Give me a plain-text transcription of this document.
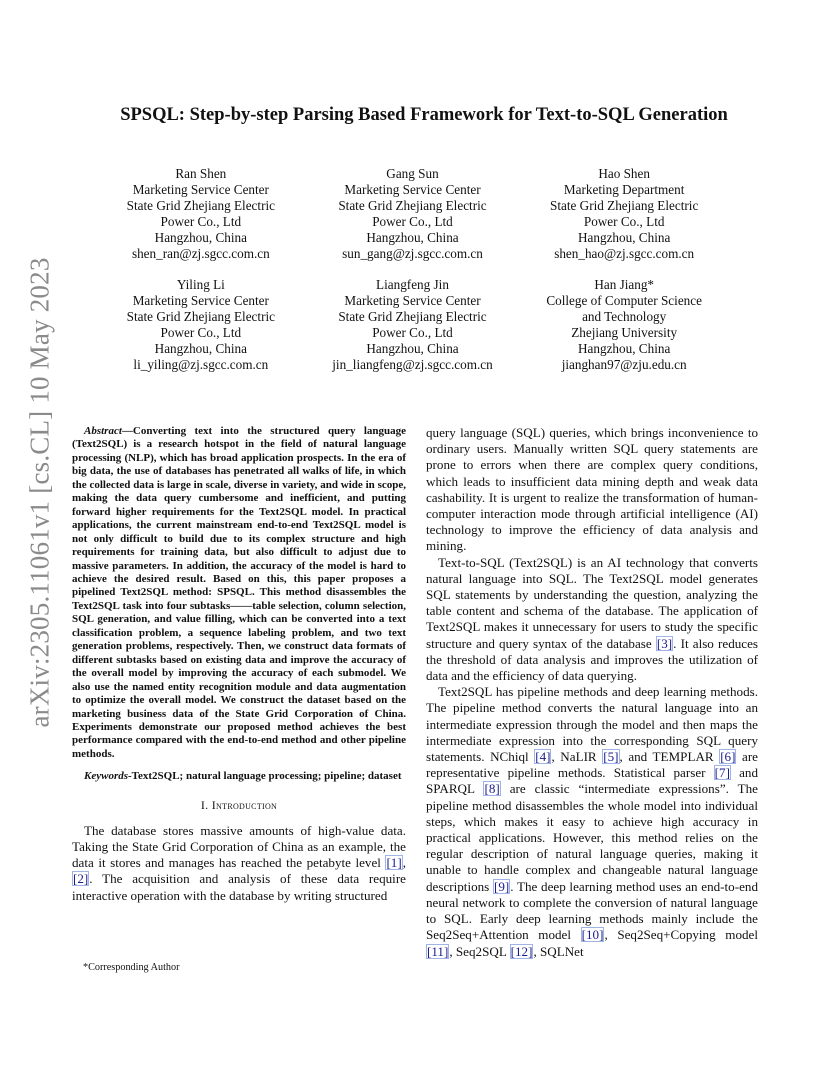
arXiv:2305.11061v1 [cs.CL] 10 May 2023
SPSQL: Step-by-step Parsing Based Framework for Text-to-SQL Generation
Ran Shen
Marketing Service Center
State Grid Zhejiang Electric
Power Co., Ltd
Hangzhou, China
shen_ran@zj.sgcc.com.cn
Gang Sun
Marketing Service Center
State Grid Zhejiang Electric
Power Co., Ltd
Hangzhou, China
sun_gang@zj.sgcc.com.cn
Hao Shen
Marketing Department
State Grid Zhejiang Electric
Power Co., Ltd
Hangzhou, China
shen_hao@zj.sgcc.com.cn
Yiling Li
Marketing Service Center
State Grid Zhejiang Electric
Power Co., Ltd
Hangzhou, China
li_yiling@zj.sgcc.com.cn
Liangfeng Jin
Marketing Service Center
State Grid Zhejiang Electric
Power Co., Ltd
Hangzhou, China
jin_liangfeng@zj.sgcc.com.cn
Han Jiang*
College of Computer Science
and Technology
Zhejiang University
Hangzhou, China
jianghan97@zju.edu.cn

Abstract—Converting text into the structured query language (Text2SQL) is a research hotspot in the field of natural language processing (NLP), which has broad application prospects. In the era of big data, the use of databases has penetrated all walks of life, in which the collected data is large in scale, diverse in variety, and wide in scope, making the data query cumbersome and inefficient, and putting forward higher requirements for the Text2SQL model. In practical applications, the current mainstream end-to-end Text2SQL model is not only difficult to build due to its complex structure and high requirements for training data, but also difficult to adjust due to massive parameters. In addition, the accuracy of the model is hard to achieve the desired result. Based on this, this paper proposes a pipelined Text2SQL method: SPSQL. This method disassembles the Text2SQL task into four subtasks——table selection, column selection, SQL generation, and value filling, which can be converted into a text classification problem, a sequence labeling problem, and two text generation problems, respectively. Then, we construct data formats of different subtasks based on existing data and improve the accuracy of the overall model by improving the accuracy of each submodel. We also use the named entity recognition module and data augmentation to optimize the overall model. We construct the dataset based on the marketing business data of the State Grid Corporation of China. Experiments demonstrate our proposed method achieves the best performance compared with the end-to-end method and other pipeline methods.

Keywords-Text2SQL; natural language processing; pipeline; dataset

I. Introduction

The database stores massive amounts of high-value data. Taking the State Grid Corporation of China as an example, the data it stores and manages has reached the petabyte level [1], [2]. The acquisition and analysis of these data require interactive operation with the database by writing structured

*Corresponding Author

query language (SQL) queries, which brings inconvenience to ordinary users. Manually written SQL query statements are prone to errors when there are complex query conditions, which leads to insufficient data mining depth and weak data cashability. It is urgent to realize the transformation of human-computer interaction mode through artificial intelligence (AI) technology to improve the efficiency of data analysis and mining.

Text-to-SQL (Text2SQL) is an AI technology that converts natural language into SQL. The Text2SQL model generates SQL statements by understanding the question, analyzing the table content and schema of the database. The application of Text2SQL makes it unnecessary for users to study the specific structure and query syntax of the database [3]. It also reduces the threshold of data analysis and improves the utilization of data and the efficiency of data querying.

Text2SQL has pipeline methods and deep learning methods. The pipeline method converts the natural language into an intermediate expression through the model and then maps the intermediate expression into the corresponding SQL query statements. NChiql [4], NaLIR [5], and TEMPLAR [6] are representative pipeline methods. Statistical parser [7] and SPARQL [8] are classic “intermediate expressions”. The pipeline method disassembles the whole model into individual steps, which makes it easy to achieve high accuracy in practical applications. However, this method relies on the regular description of natural language queries, making it unable to handle complex and changeable natural language descriptions [9]. The deep learning method uses an end-to-end neural network to complete the conversion of natural language to SQL. Early deep learning methods mainly include the Seq2Seq+Attention model [10], Seq2Seq+Copying model [11], Seq2SQL [12], SQLNet
